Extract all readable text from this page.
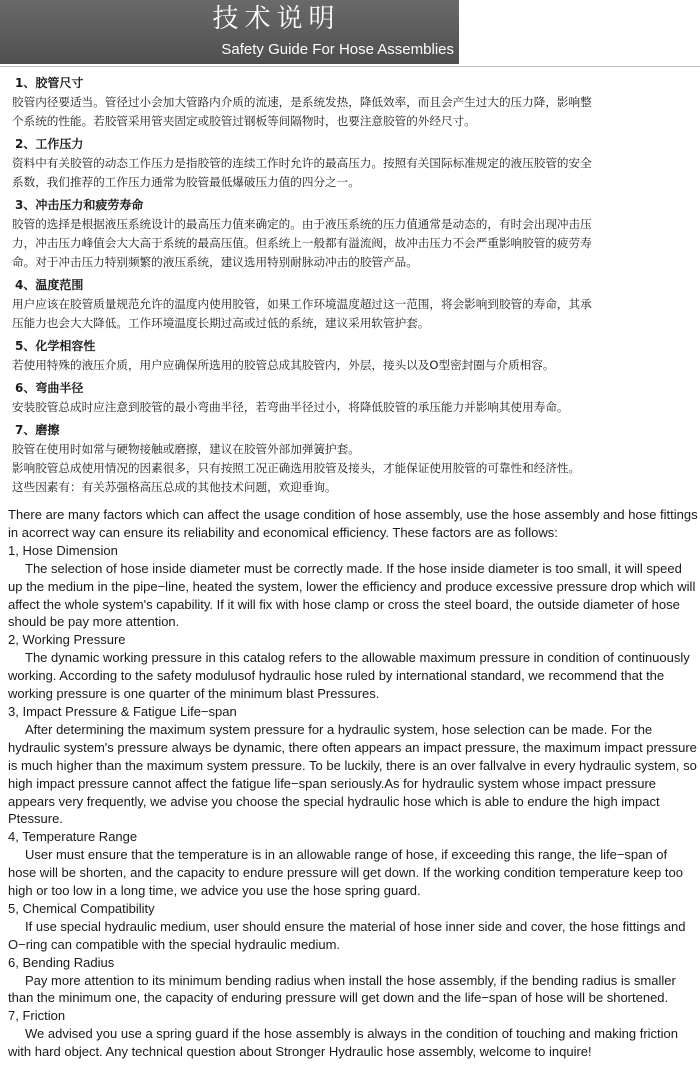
技术说明
Safety Guide For Hose Assemblies
1、胶管尺寸
胶管内径要适当。管径过小会加大管路内介质的流速，是系统发热，降低效率，而且会产生过大的压力降，影响整
个系统的性能。若胶管采用管夹固定或胶管过钢板等间隔物时，也要注意胶管的外经尺寸。
2、工作压力
资料中有关胶管的动态工作压力是指胶管的连续工作时允许的最高压力。按照有关国际标准规定的液压胶管的安全
系数，我们推荐的工作压力通常为胶管最低爆破压力值的四分之一。
3、冲击压力和疲劳寿命
胶管的选择是根据液压系统设计的最高压力值来确定的。由于液压系统的压力值通常是动态的，有时会出现冲击压
力，冲击压力峰值会大大高于系统的最高压值。但系统上一般都有溢流阀，故冲击压力不会严重影响胶管的疲劳寿
命。对于冲击压力特别频繁的液压系统，建议选用特别耐脉动冲击的胶管产品。
4、温度范围
用户应该在胶管质量规范允许的温度内使用胶管，如果工作环境温度超过这一范围，将会影响到胶管的寿命，其承
压能力也会大大降低。工作环境温度长期过高或过低的系统，建议采用软管护套。
5、化学相容性
若使用特殊的液压介质，用户应确保所选用的胶管总成其胶管内，外层，接头以及O型密封圈与介质相容。
6、弯曲半径
安装胶管总成时应注意到胶管的最小弯曲半径，若弯曲半径过小，将降低胶管的承压能力并影响其使用寿命。
7、磨擦
胶管在使用时如常与硬物接触或磨擦，建议在胶管外部加弹簧护套。
影响胶管总成使用情况的因素很多，只有按照工况正确选用胶管及接头，才能保证使用胶管的可靠性和经济性。
这些因素有：有关苏强格高压总成的其他技术问题，欢迎垂询。

There are many factors which can affect the usage condition of hose assembly, use the hose assembly and hose fittings in acorrect way can ensure its reliability and economical efficiency. These factors are as follows:

1, Hose Dimension
The selection of hose inside diameter must be correctly made. If the hose inside diameter is too small, it will speed up the medium in the pipe−line, heated the system, lower the efficiency and produce excessive pressure drop which will affect the whole system's capability. If it will fix with hose clamp or cross the steel board, the outside diameter of hose should be pay more attention.

2, Working Pressure
The dynamic working pressure in this catalog refers to the allowable maximum pressure in condition of continuously working. According to the safety modulusof hydraulic hose ruled by international standard, we recommend that the working pressure is one quarter of the minimum blast Pressures.

3, Impact Pressure & Fatigue Life−span
After determining the maximum system pressure for a hydraulic system, hose selection can be made. For the hydraulic system's pressure always be dynamic, there often appears an impact pressure, the maximum impact pressure is much higher than the maximum system pressure. To be luckily, there is an over fallvalve in every hydraulic system, so high impact pressure cannot affect the fatigue life−span seriously.As for hydraulic system whose impact pressure appears very frequently, we advise you choose the special hydraulic hose which is able to endure the high impact Ptessure.

4, Temperature Range
User must ensure that the temperature is in an allowable range of hose, if exceeding this range, the life−span of hose will be shorten, and the capacity to endure pressure will get down. If the working condition temperature keep too high or too low in a long time, we advice you use the hose spring guard.

5, Chemical Compatibility
If use special hydraulic medium, user should ensure the material of hose inner side and cover, the hose fittings and O−ring can compatible with the special hydraulic medium.

6, Bending Radius
Pay more attention to its minimum bending radius when install the hose assembly, if the bending radius is smaller than the minimum one, the capacity of enduring pressure will get down and the life−span of hose will be shortened.

7, Friction
We advised you use a spring guard if the hose assembly is always in the condition of touching and making friction with hard object. Any technical question about Stronger Hydraulic hose assembly, welcome to inquire!
